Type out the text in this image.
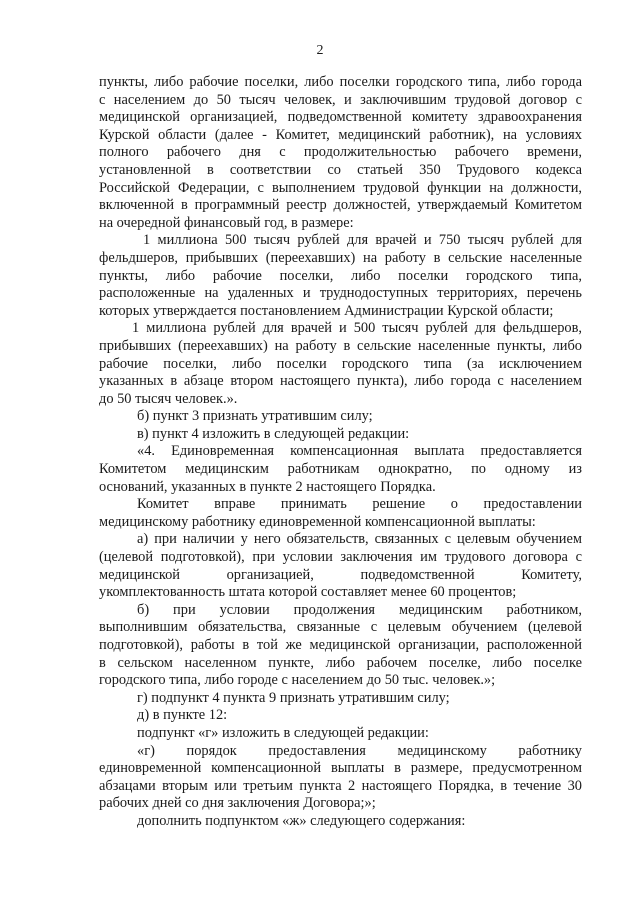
2
пункты, либо рабочие поселки, либо поселки городского типа, либо города
с населением до 50 тысяч человек, и заключившим трудовой договор с
медицинской организацией, подведомственной комитету здравоохранения
Курской области (далее - Комитет, медицинский работник), на условиях
полного рабочего дня с продолжительностью рабочего времени,
установленной в соответствии со статьей 350 Трудового кодекса
Российской Федерации, с выполнением трудовой функции на должности,
включенной в программный реестр должностей, утверждаемый Комитетом
на очередной финансовый год, в размере:
1 миллиона 500 тысяч рублей для врачей и 750 тысяч рублей для
фельдшеров, прибывших (переехавших) на работу в сельские населенные
пункты, либо рабочие поселки, либо поселки городского типа,
расположенные на удаленных и труднодоступных территориях, перечень
которых утверждается постановлением Администрации Курской области;
1 миллиона рублей для врачей и 500 тысяч рублей для фельдшеров,
прибывших (переехавших) на работу в сельские населенные пункты, либо
рабочие поселки, либо поселки городского типа (за исключением
указанных в абзаце втором настоящего пункта), либо города с населением
до 50 тысяч человек.».
б) пункт 3 признать утратившим силу;
в) пункт 4 изложить в следующей редакции:
«4. Единовременная компенсационная выплата предоставляется
Комитетом медицинским работникам однократно, по одному из
оснований, указанных в пункте 2 настоящего Порядка.
Комитет вправе принимать решение о предоставлении
медицинскому работнику единовременной компенсационной выплаты:
а) при наличии у него обязательств, связанных с целевым обучением
(целевой подготовкой), при условии заключения им трудового договора с
медицинской организацией, подведомственной Комитету,
укомплектованность штата которой составляет менее 60 процентов;
б) при условии продолжения медицинским работником,
выполнившим обязательства, связанные с целевым обучением (целевой
подготовкой), работы в той же медицинской организации, расположенной
в сельском населенном пункте, либо рабочем поселке, либо поселке
городского типа, либо городе с населением до 50 тыс. человек.»;
г) подпункт 4 пункта 9 признать утратившим силу;
д) в пункте 12:
подпункт «г» изложить в следующей редакции:
«г) порядок предоставления медицинскому работнику
единовременной компенсационной выплаты в размере, предусмотренном
абзацами вторым или третьим пункта 2 настоящего Порядка, в течение 30
рабочих дней со дня заключения Договора;»;
дополнить подпунктом «ж» следующего содержания:
